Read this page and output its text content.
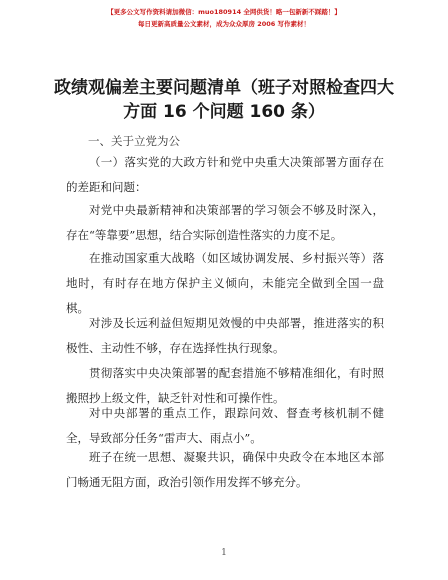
【更多公文写作资料请加微信：muo180914 全网供货！略一包新新不踩踏！】
每日更新高质量公文素材，成为众众厚房 2006 写作素材！
政绩观偏差主要问题清单（班子对照检查四大
方面 16 个问题 160 条）
一、关于立党为公

（一）落实党的大政方针和党中央重大决策部署方面存在的差距和问题：

对党中央最新精神和决策部署的学习领会不够及时深入，存在“等靠要”思想，结合实际创造性落实的力度不足。

在推动国家重大战略（如区域协调发展、乡村振兴等）落地时，有时存在地方保护主义倾向，未能完全做到全国一盘棋。

对涉及长远利益但短期见效慢的中央部署，推进落实的积极性、主动性不够，存在选择性执行现象。

贯彻落实中央决策部署的配套措施不够精准细化，有时照搬照抄上级文件，缺乏针对性和可操作性。

对中央部署的重点工作，跟踪问效、督查考核机制不健全，导致部分任务“雷声大、雨点小”。

班子在统一思想、凝聚共识，确保中央政令在本地区本部门畅通无阻方面，政治引领作用发挥不够充分。

1
